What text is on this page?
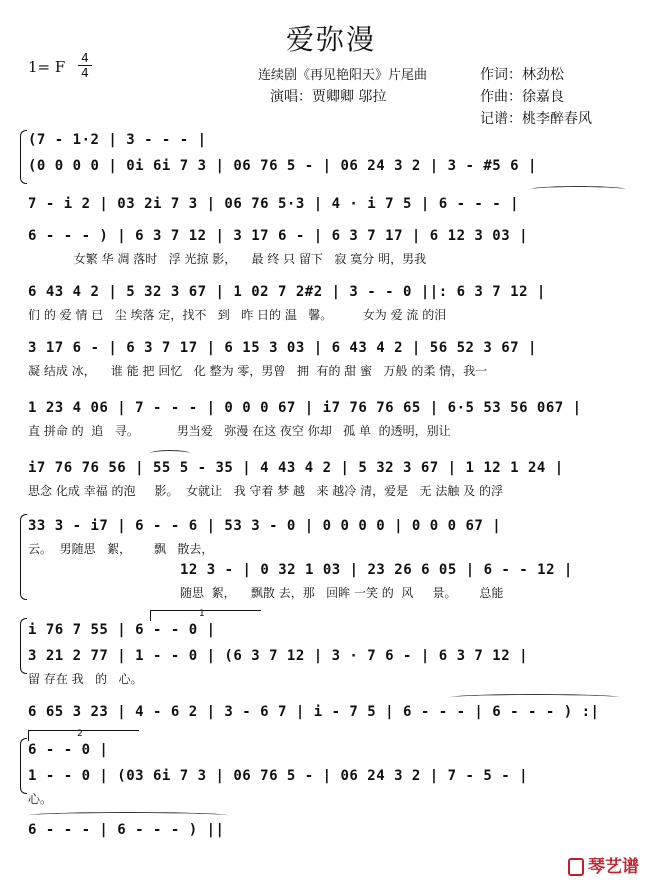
爱弥漫
1= F 4
4	连续剧《再见艳阳天》片尾曲
演唱：贾卿卿 邬拉
作词：林劲松
作曲：徐嘉良
记谱：桃李醉春风
(7 - 1·2 | 3 - - - |
(0 0 0 0 | 0i 6i 7 3 | 06 76 5 - | 06 24 3 2 | 3 - #5 6 |
7 - i 2 | 03 2i 7 3 | 06 76 5·3 | 4 · i 7 5 | 6 - - - |
6 - - - ) | 6 3 7 12 | 3 17 6 - | 6 3 7 17 | 6 12 3 03 |
女繁 华 凋 落时   浮 光掠 影，    最 终 只 留下   寂 寞分 明，男我
6 43 4 2 | 5 32 3 67 | 1 02 7 2#2 | 3 - - 0 ||: 6 3 7 12 |
们 的 爱 情 已   尘 埃落 定，找不   到   昨 日的 温   馨。        女为 爱 流 的泪
3 17 6 - | 6 3 7 17 | 6 15 3 03 | 6 43 4 2 | 56 52 3 67 |
凝 结成 冰，    谁 能 把 回忆   化 整为 零，男曾   拥  有的 甜 蜜   万般 的柔 情，我一
1 23 4 06 | 7 - - - | 0 0 0 67 | i7 76 76 65 | 6·5 53 56 067 |
直 拼命 的  追   寻。          男当爱   弥漫 在这 夜空 你却   孤 单  的透明，别让
i7 76 76 56 | 55 5 - 35 | 4 43 4 2 | 5 32 3 67 | 1 12 1 24 |
思念 化成 幸福 的泡     影。  女就让   我 守着 梦 越   来 越冷 清，爱是   无 法触 及 的浮
33 3 - i7 | 6 - - 6 | 53 3 - 0 | 0 0 0 0 | 0 0 0 67 |
云。  男随思   絮，      飘   散去，
12 3 - | 0 32 1 03 | 23 26 6 05 | 6 - - 12 |
随思  絮，    飘散 去，那   回眸 一笑 的  风     景。      总能
1
i 76 7 55 | 6 - - 0 |
3 21 2 77 | 1 - - 0 | (6 3 7 12 | 3 · 7 6 - | 6 3 7 12 |
留 存在 我   的   心。
6 65 3 23 | 4 - 6 2 | 3 - 6 7 | i - 7 5 | 6 - - - | 6 - - - ) :|
2
6 - - 0 |
1 - - 0 | (03 6i 7 3 | 06 76 5 - | 06 24 3 2 | 7 - 5 - |
心。
6 - - - | 6 - - - ) ||
琴艺谱
